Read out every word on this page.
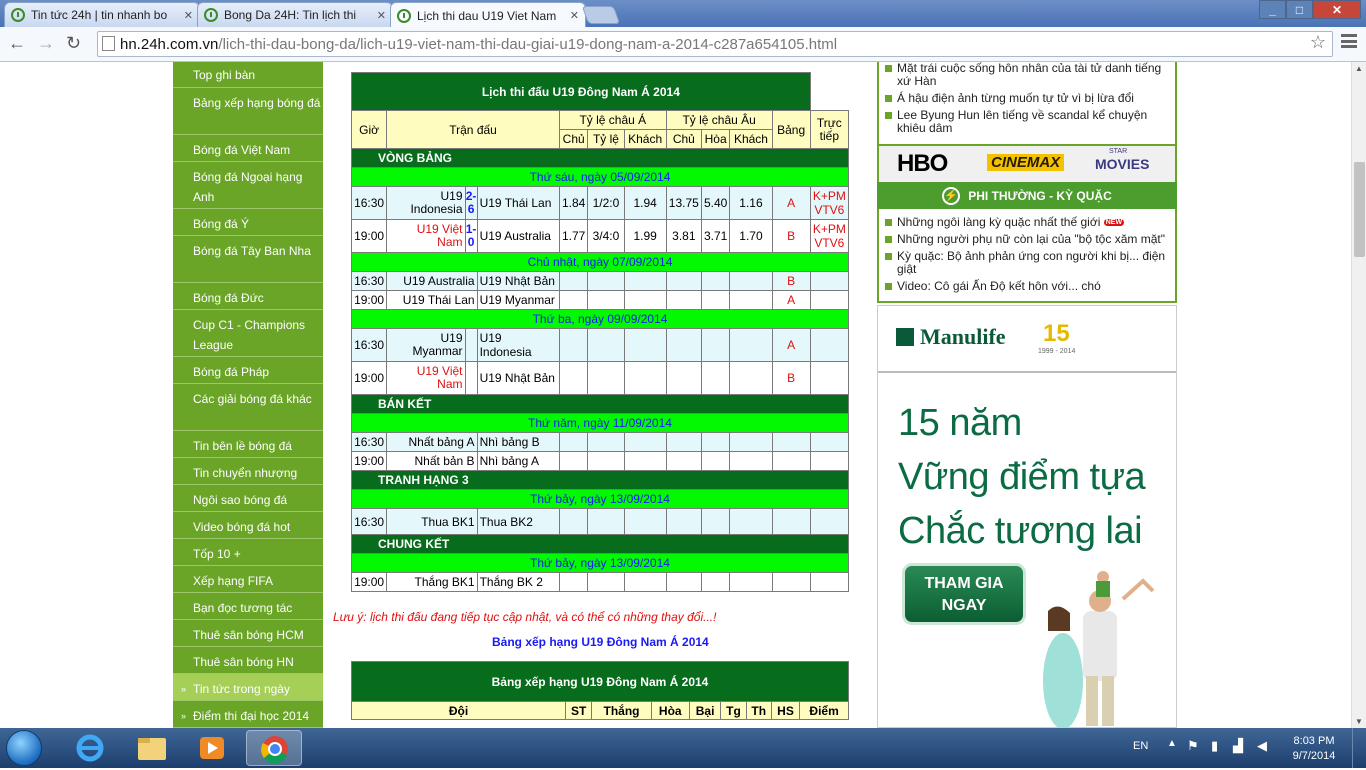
Tin tức 24h | tin nhanh bo	✕	Bong Da 24H: Tin lịch thi	✕	Lịch thi dau U19 Viet Nam	✕	_ □ ✕
← → ↻	hn.24h.com.vn /lich-thi-dau-bong-da/lich-u19-viet-nam-thi-dau-giai-u19-dong-nam-a-2014-c287a654105.html	☆
Top ghi bàn
Bảng xếp hạng bóng đá
Bóng đá Việt Nam
Bóng đá Ngoại hạng Anh
Bóng đá Ý
Bóng đá Tây Ban Nha
Bóng đá Đức
Cup C1 - Champions League
Bóng đá Pháp
Các giải bóng đá khác
Tin bên lề bóng đá
Tin chuyển nhượng
Ngôi sao bóng đá
Video bóng đá hot
Tốp 10 +
Xếp hạng FIFA
Bạn đọc tương tác
Thuê sân bóng HCM
Thuê sân bóng HN
» Tin tức trong ngày
» Điểm thi đại học 2014
Lịch thi đấu U19 Đông Nam Á 2014											
Giờ	Trận đấu			Tỷ lệ châu Á			Tỷ lệ châu Âu			Bảng	Trực tiếp
				Chủ	Tỷ lệ	Khách	Chủ	Hòa	Khách		
VÒNG BẢNG											
Thứ sáu, ngày 05/09/2014											
16:30	U19 Indonesia	2-6	U19 Thái Lan	1.84	1/2:0	1.94	13.75	5.40	1.16	A	K+PM VTV6
19:00	U19 Việt Nam	1-0	U19 Australia	1.77	3/4:0	1.99	3.81	3.71	1.70	B	K+PM VTV6
Chủ nhật, ngày 07/09/2014											
16:30	U19 Australia		U19 Nhật Bản							B	
19:00	U19 Thái Lan		U19 Myanmar							A	
Thứ ba, ngày 09/09/2014											
16:30	U19 Myanmar		U19 Indonesia							A	
19:00	U19 Việt Nam		U19 Nhật Bản							B	
BÁN KẾT											
Thứ năm, ngày 11/09/2014											
16:30	Nhất bảng A		Nhì bảng B								
19:00	Nhất bản B		Nhì bảng A								
TRANH HẠNG 3											
Thứ bảy, ngày 13/09/2014											
16:30	Thua BK1		Thua BK2								
CHUNG KẾT											
Thứ bảy, ngày 13/09/2014											
19:00	Thắng BK1		Thắng BK 2								
Lưu ý: lịch thi đấu đang tiếp tục cập nhật, và có thể có những thay đổi...!
Bảng xếp hạng U19 Đông Nam Á 2014
Bảng xếp hạng U19 Đông Nam Á 2014
Đội	ST	Thắng	Hòa	Bại	Tg	Th	HS	Điểm
Mặt trái cuộc sống hôn nhân của tài tử danh tiếng xứ Hàn
Á hậu điện ảnh từng muốn tự tử vì bị lừa đổi
Lee Byung Hun lên tiếng về scandal kể chuyện khiêu dâm
HBO	CINEMAX
STAR
MOVIES
⚡ PHI THƯỜNG - KỲ QUẶC
Những ngôi làng kỳ quặc nhất thế giới $^{NEW}$
Những người phụ nữ còn lại của "bộ tộc xăm mặt"
Kỳ quặc: Bộ ảnh phản ứng con người khi bị... điện giật
Video: Cô gái Ấn Độ kết hôn với... chó
Manulife 15
1999 - 2014
15 năm
Vững điểm tựa
Chắc tương lai
THAM GIA
NGAY
▲
▼
EN ▲ ⚑ ▮ ▟ ◀	8:03 PM
9/7/2014
